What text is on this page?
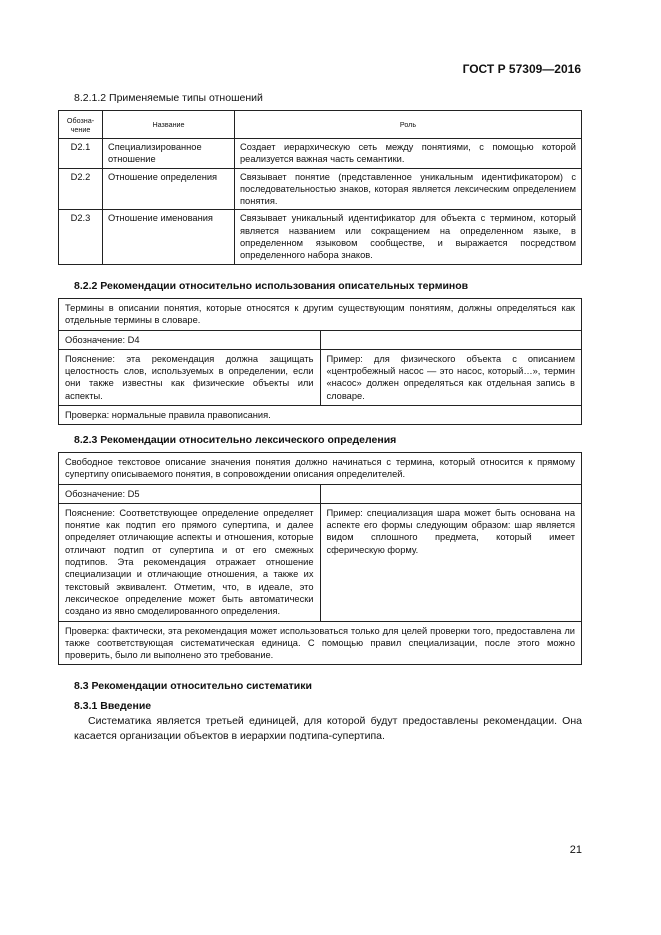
ГОСТ Р 57309—2016
8.2.1.2 Применяемые типы отношений
Обозна-
чение	Название	Роль
D2.1	Специализированное отношение	Создает иерархическую сеть между понятиями, с помощью которой реализуется важная часть семантики.
D2.2	Отношение определения	Связывает понятие (представленное уникальным идентификатором) с последовательностью знаков, которая является лексическим определением понятия.
D2.3	Отношение именования	Связывает уникальный идентификатор для объекта с термином, который является названием или сокращением на определенном языке, в определенном языковом сообществе, и выражается посредством определенного набора знаков.
8.2.2 Рекомендации относительно использования описательных терминов
Термины в описании понятия, которые относятся к другим существующим понятиям, должны определяться как отдельные термины в словаре.	
Обозначение: D4	
Пояснение: эта рекомендация должна защищать целостность слов, используемых в определении, если они также известны как физические объекты или аспекты.	Пример: для физического объекта с описанием «центробежный насос — это насос, который…», термин «насос» должен определяться как отдельная запись в словаре.
Проверка: нормальные правила правописания.	
8.2.3 Рекомендации относительно лексического определения
Свободное текстовое описание значения понятия должно начинаться с термина, который относится к прямому супертипу описываемого понятия, в сопровождении описания определителей.	
Обозначение: D5	
Пояснение: Соответствующее определение определяет понятие как подтип его прямого супертипа, и далее определяет отличающие аспекты и отношения, которые отличают подтип от супертипа и от его смежных подтипов. Эта рекомендация отражает отношение специализации и отличающие отношения, а также их текстовый эквивалент. Отметим, что, в идеале, это лексическое определение может быть автоматически создано из явно смоделированного определения.	Пример: специализация шара может быть основана на аспекте его формы следующим образом: шар является видом сплошного предмета, который имеет сферическую форму.
Проверка: фактически, эта рекомендация может использоваться только для целей проверки того, предоставлена ли также соответствующая систематическая единица. С помощью правил специализации, после этого можно проверить, было ли выполнено это требование.	
8.3 Рекомендации относительно систематики
8.3.1 Введение
Систематика является третьей единицей, для которой будут предоставлены рекомендации. Она касается организации объектов в иерархии подтипа-супертипа.
21
